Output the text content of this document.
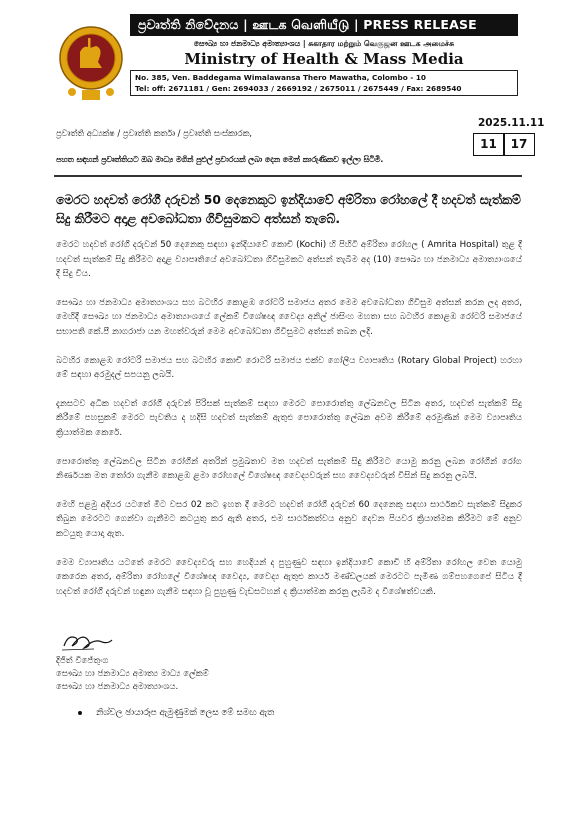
ප්‍රවෘත්ති නිවේදනය | ஊடக வெளியீடு | PRESS RELEASE
සෞඛ්‍ය හා ජනමාධ්‍ය අමාත්‍යාංශය | சுகாதார மற்றும் வெகுஜன ஊடக அமைச்சு
Ministry of Health & Mass Media
No. 385, Ven. Baddegama Wimalawansa Thero Mawatha, Colombo - 10
Tel: off: 2671181 / Gen: 2694033 / 2669192 / 2675011 / 2675449 / Fax: 2689540
2025.11.11
11	17
ප්‍රවෘත්ති අධ්‍යක්ෂ / ප්‍රවෘත්ති කර්තෘ / ප්‍රවෘත්ති සංස්කාරක,
පහත සඳහන් ප්‍රවෘත්තියට ඔබ මාධ්‍ය මගින් පුළුල් ප්‍රචාරයක් ලබා දෙන මෙන් කාරුණිකව ඉල්ලා සිටිමි.
මෙරට හදවත් රෝගී දරුවන් 50 දෙනෙකුට ඉන්දියාවේ අම්රිතා රෝහලේ දී හදවත් සැත්කම් සිදු කිරීමට අදාළ අවබෝධතා ගිවිසුමකට අත්සන් තැබේ.

මෙරට හදවත් රෝගී දරුවන් 50 දෙනෙකු සඳහා ඉන්දියාවේ කොචි (Kochi) හි පිහිටි අම්රිතා රෝහල ( Amrita Hospital) තුළ දී හදවත් සැත්කම් සිදු කිරීමට අදාළ ව්‍යාපෘතියේ අවබෝධතා ගිවිසුමකට අත්සන් තැබීම අද (10) සෞඛ්‍ය හා ජනමාධ්‍ය අමාත්‍යාංශයේ දී සිදු විය.

සෞඛ්‍ය හා ජනමාධ්‍ය අමාත්‍යාංශය සහ බටහිර කොළඹ රෝටරි සමාජය අතර මෙම අවබෝධතා ගිවිසුම අත්සන් කරන ලද අතර, මෙහිදී සෞඛ්‍ය හා ජනමාධ්‍ය අමාත්‍යාංශයේ ලේකම් විශේෂඥ වෛද්‍ය අනිල් ජාසිංහ මහතා සහ බටහිර කොළඹ රෝටරි සමාජයේ සභාපති කේ.පී නාගරාජා යන මහත්වරුන් මෙම අවබෝධතා ගිවිසුමට අත්සන් තබන ලදි.

බටහිර කොළඹ රෝටරි සමාජය සහ බටහිර කොචි රොටරි සමාජය එක්ව ගෝලීය ව්‍යාපෘතිය (Rotary Global Project) හරහා මේ සඳහා අරමුදල් සපයනු ලබයි.

දැනසටව අධික හදවත් රෝගී දරුවන් පිරිසක් සැත්කම් සඳහා මෙරට පොරොත්තු ලේඛනවල සිටින අතර, හදවත් සැත්කම් සිදු කිරීමේ පහසුකම් මෙරට පැවතිය ද හදිසි හදවත් සැත්කම් ඇතුළු පොරොත්තු ලේඛන අවම කිරීමේ අරමුණින් මෙම ව්‍යාපෘතිය ක්‍රියාත්මක කෙරේ.

පොරොත්තු ලේඛනවල සිටින රෝගීන් අතරින් ප්‍රමුඛතාව මත හදවත් සැත්කම් සිදු කිරීමට යොමු කරනු ලබන රෝගීන් රෝග නිර්ණයක මත තෝරා ගැනීම කොළඹ ළමා රෝහලේ විශේෂඥ වෛද්‍යවරුන් සහ වෛද්‍යවරුන් විසින් සිදු කරනු ලබයි.

මෙහි පළමු අදියර යටතේ මීට වසර 02 කට ඉහත දී මෙරට හදවත් රෝගී දරුවන් 60 දෙනෙකු සඳහා සාර්ථකව සැත්කම් සිදුකර තිබුන මෙරටට ගෙන්වා ගැනීමට කටයුතු කර ඇති අතර, එම සාර්ථකත්වය අනුව දෙවන පියවර ක්‍රියාත්මක කිරීමට මේ අනුව කටයුතු යොදා ඇත.

මෙම ව්‍යාපෘතිය යටතේ මෙරට වෛද්‍යවරු සහ හෙදියන් ද පුහුණුව සඳහා ඉන්දියාවේ කොචි හි අම්රිතා රෝහල වෙත යොමු කෙරෙන අතර, අම්රිතා රෝහලේ විශේෂඥ වෛද්‍ය, වෛද්‍ය ඇතුළු කාර්ය මණ්ඩලයක් මෙරටට පැමිණ ගම්පහගෙපේ සිටිය දී හදවත් රෝගී දරුවන් හඳුනා ගැනීම සඳහා වූ පුහුණු වැඩසටහන් ද ක්‍රියාත්මක කරනු ලැබීම ද විශේෂත්වයකි.

දිජිත් විජේතුංග
සෞඛ්‍ය හා ජනමාධ්‍ය අමාත්‍ය මාධ්‍ය ලේකම්
සෞඛ්‍ය හා ජනමාධ්‍ය අමාත්‍යාංශය.
නිශ්චල ඡායාරූප ඇමුණුමක් ලෙස මේ සමඟ ඇත
